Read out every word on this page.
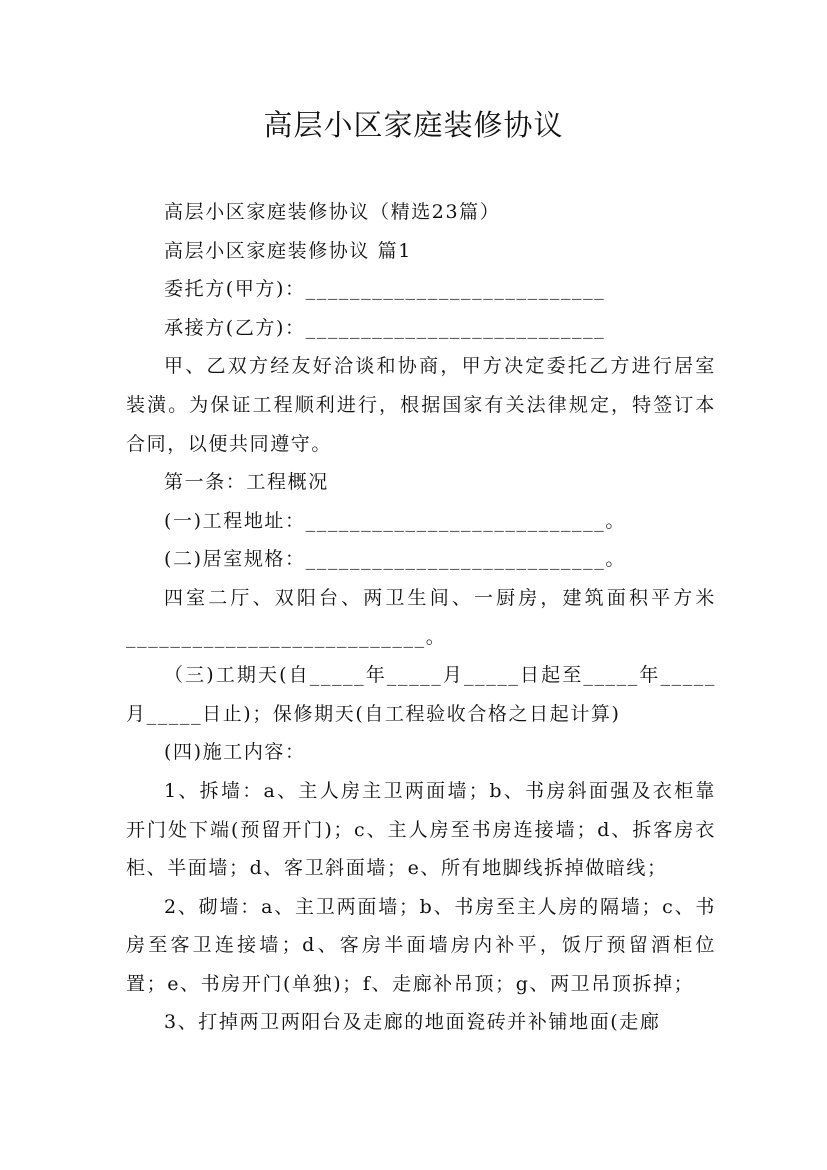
高层小区家庭装修协议

高层小区家庭装修协议（精选23篇）

高层小区家庭装修协议 篇1

委托方(甲方)：___________________________

承接方(乙方)：___________________________

甲、乙双方经友好洽谈和协商，甲方决定委托乙方进行居室装潢。为保证工程顺利进行，根据国家有关法律规定，特签订本合同，以便共同遵守。

第一条：工程概况

(一)工程地址：___________________________。

(二)居室规格：___________________________。

四室二厅、双阳台、两卫生间、一厨房，建筑面积平方米___________________________。

（三)工期天(自_____年_____月_____日起至_____年_____月_____日止)；保修期天(自工程验收合格之日起计算)

(四)施工内容：

1、拆墙：a、主人房主卫两面墙；b、书房斜面强及衣柜靠开门处下端(预留开门)；c、主人房至书房连接墙；d、拆客房衣柜、半面墙；d、客卫斜面墙；e、所有地脚线拆掉做暗线；

2、砌墙：a、主卫两面墙；b、书房至主人房的隔墙；c、书房至客卫连接墙；d、客房半面墙房内补平，饭厅预留酒柜位置；e、书房开门(单独)；f、走廊补吊顶；g、两卫吊顶拆掉；

3、打掉两卫两阳台及走廊的地面瓷砖并补铺地面(走廊
